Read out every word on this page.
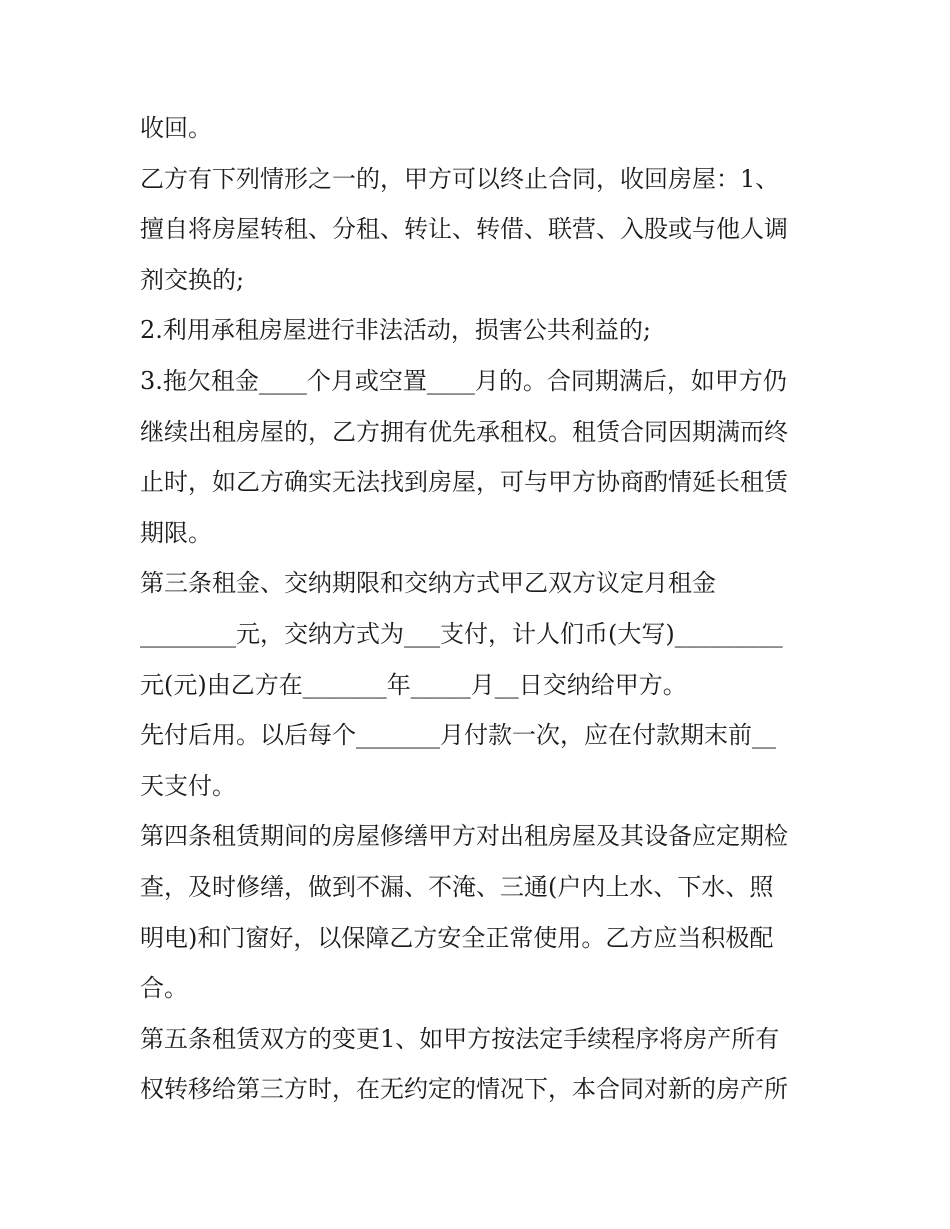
收回。
乙方有下列情形之一的，甲方可以终止合同，收回房屋：1、
擅自将房屋转租、分租、转让、转借、联营、入股或与他人调
剂交换的;
2.利用承租房屋进行非法活动，损害公共利益的;
3.拖欠租金____个月或空置____月的。合同期满后，如甲方仍
继续出租房屋的，乙方拥有优先承租权。租赁合同因期满而终
止时，如乙方确实无法找到房屋，可与甲方协商酌情延长租赁
期限。
第三条租金、交纳期限和交纳方式甲乙双方议定月租金
________元，交纳方式为___支付，计人们币(大写)_________
元(元)由乙方在_______年_____月__日交纳给甲方。
先付后用。以后每个_______月付款一次，应在付款期末前__
天支付。
第四条租赁期间的房屋修缮甲方对出租房屋及其设备应定期检
查，及时修缮，做到不漏、不淹、三通(户内上水、下水、照
明电)和门窗好，以保障乙方安全正常使用。乙方应当积极配
合。
第五条租赁双方的变更1、如甲方按法定手续程序将房产所有
权转移给第三方时，在无约定的情况下，本合同对新的房产所
